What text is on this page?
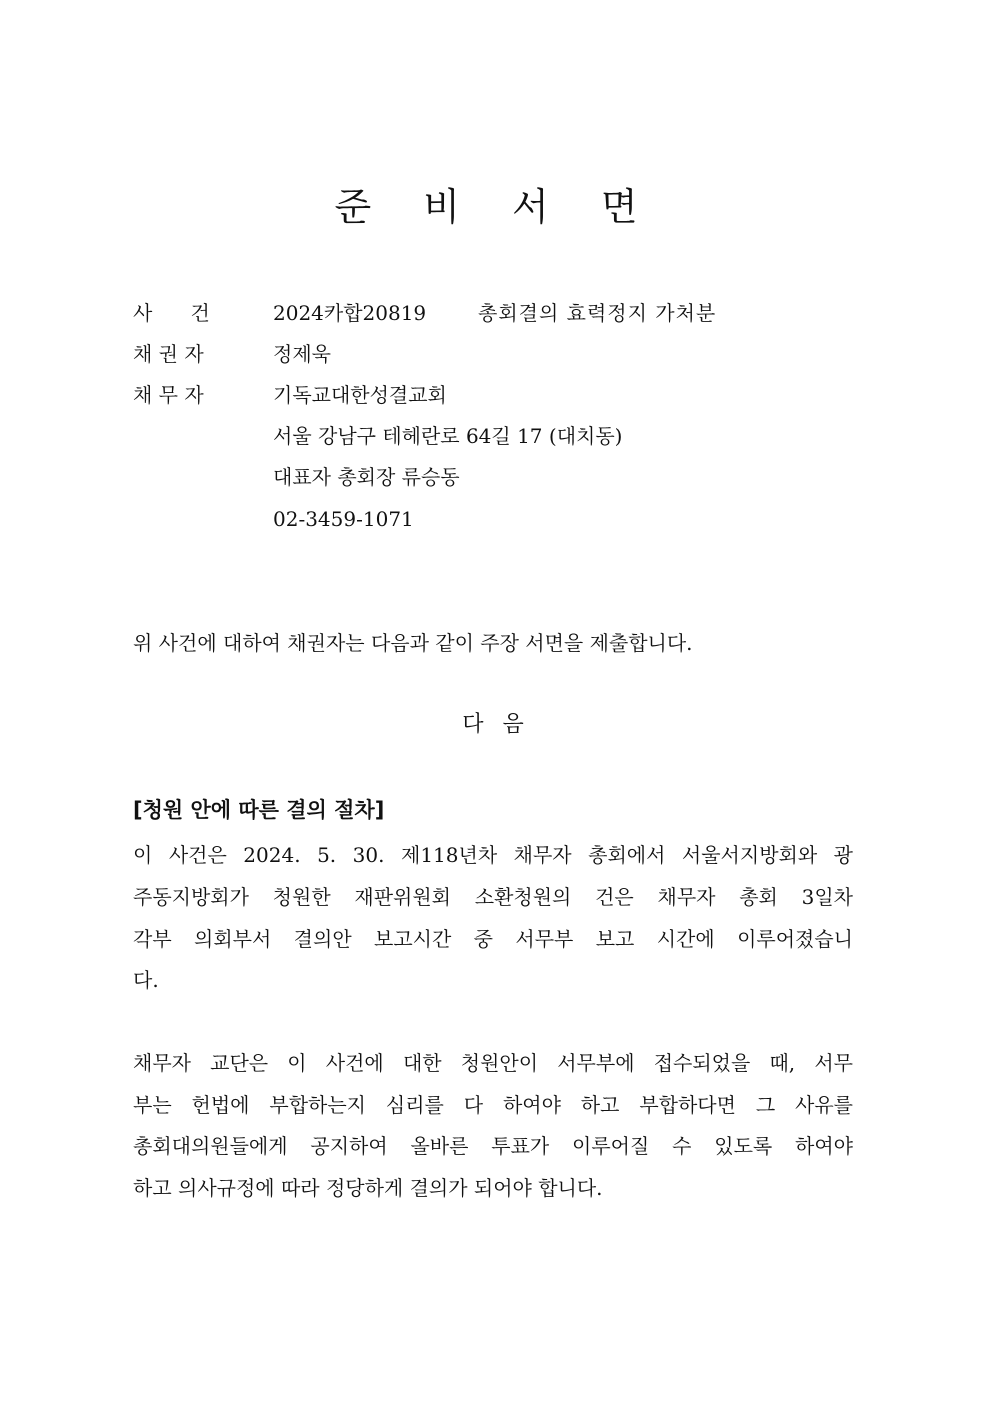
준 비 서 면
사      건	2024카합20819	총회결의 효력정지 가처분
채 권 자	정제욱
채 무 자	기독교대한성결교회
서울 강남구 테헤란로 64길 17 (대치동)
대표자 총회장 류승동
02-3459-1071
위 사건에 대하여 채권자는 다음과 같이 주장 서면을 제출합니다.
다 음
[청원 안에 따른 결의 절차]
이 사건은 2024. 5. 30. 제118년차 채무자 총회에서 서울서지방회와 광
주동지방회가 청원한 재판위원회 소환청원의 건은 채무자 총회 3일차
각부 의회부서 결의안 보고시간 중 서무부 보고 시간에 이루어졌습니
다.
채무자 교단은 이 사건에 대한 청원안이 서무부에 접수되었을 때, 서무
부는 헌법에 부합하는지 심리를 다 하여야 하고 부합하다면 그 사유를
총회대의원들에게 공지하여 올바른 투표가 이루어질 수 있도록 하여야
하고 의사규정에 따라 정당하게 결의가 되어야 합니다.
